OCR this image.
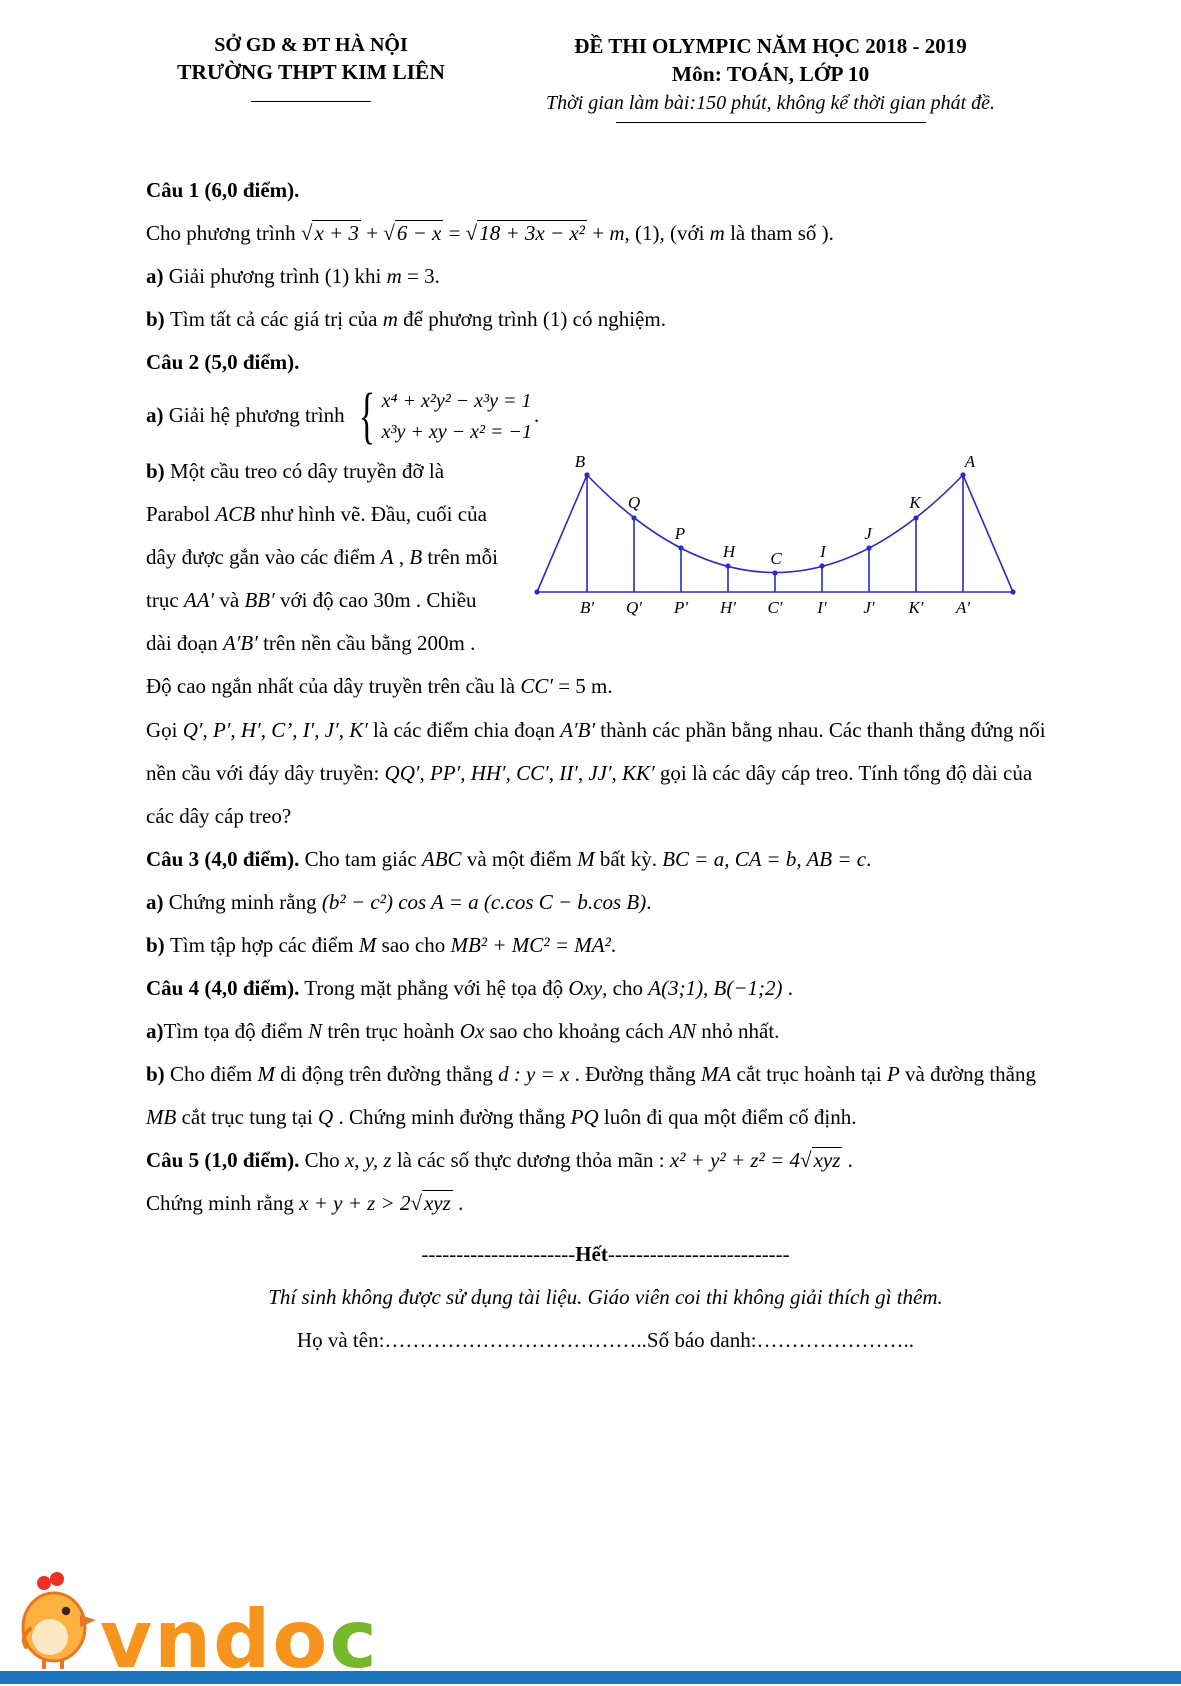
SỞ GD & ĐT HÀ NỘI
TRƯỜNG THPT KIM LIÊN
ĐỀ THI OLYMPIC NĂM HỌC 2018 - 2019
Môn: TOÁN, LỚP 10
Thời gian làm bài:150 phút, không kể thời gian phát đề.

Câu 1 (6,0 điểm).

Cho phương trình √x + 3 + √6 − x = √18 + 3x − x² + m, (1), (với m là tham số ).

a) Giải phương trình (1) khi m = 3.

b) Tìm tất cả các giá trị của m để phương trình (1) có nghiệm.

Câu 2 (5,0 điểm).

a) Giải hệ phương trình { x⁴ + x²y² − x³y = 1
x³y + xy − x² = −1
.

B
Q
P
H C I
J
K
A
B′ Q′ P′ H′ C′ I′ J′ K′ A′
b) Một cầu treo có dây truyền đỡ là Parabol ACB như hình vẽ. Đầu, cuối của dây được gắn vào các điểm A , B trên mỗi trục AA′ và BB′ với độ cao 30m . Chiều dài đoạn A′B′ trên nền cầu bằng 200m . Độ cao ngắn nhất của dây truyền trên cầu là CC′ = 5 m.

Gọi Q′, P′, H′, C’, I′, J′, K′ là các điểm chia đoạn A′B′ thành các phần bằng nhau. Các thanh thẳng đứng nối nền cầu với đáy dây truyền: QQ′, PP′, HH′, CC′, II′, JJ′, KK′ gọi là các dây cáp treo. Tính tổng độ dài của các dây cáp treo?

Câu 3 (4,0 điểm). Cho tam giác ABC và một điểm M bất kỳ. BC = a, CA = b, AB = c.

a) Chứng minh rằng (b² − c²) cos A = a (c.cos C − b.cos B).

b) Tìm tập hợp các điểm M sao cho MB² + MC² = MA².

Câu 4 (4,0 điểm). Trong mặt phẳng với hệ tọa độ Oxy, cho A(3;1), B(−1;2) .

a)Tìm tọa độ điểm N trên trục hoành Ox sao cho khoảng cách AN nhỏ nhất.

b) Cho điểm M di động trên đường thẳng d : y = x . Đường thẳng MA cắt trục hoành tại P và đường thẳng MB cắt trục tung tại Q . Chứng minh đường thẳng PQ luôn đi qua một điểm cố định.

Câu 5 (1,0 điểm). Cho x, y, z là các số thực dương thỏa mãn : x² + y² + z² = 4√xyz .

Chứng minh rằng x + y + z > 2√xyz .

----------------------Hết--------------------------

Thí sinh không được sử dụng tài liệu. Giáo viên coi thi không giải thích gì thêm.

Họ và tên:………………………………..Số báo danh:…………………..

vndoc
